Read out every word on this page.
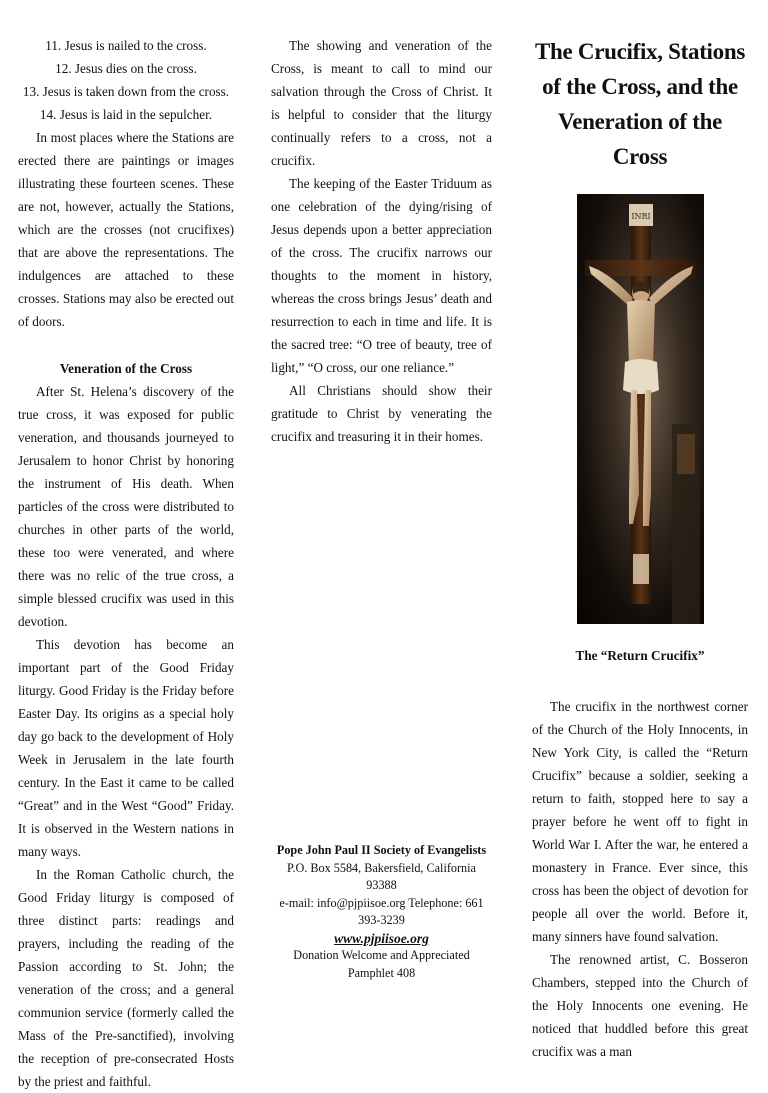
11. Jesus is nailed to the cross.
12. Jesus dies on the cross.
13. Jesus is taken down from the cross.
14. Jesus is laid in the sepulcher.

In most places where the Stations are erected there are paintings or images illustrating these fourteen scenes. These are not, however, actually the Stations, which are the crosses (not crucifixes) that are above the representations. The indulgences are attached to these crosses. Stations may also be erected out of doors.

Veneration of the Cross

After St. Helena’s discovery of the true cross, it was exposed for public veneration, and thousands journeyed to Jerusalem to honor Christ by honoring the instrument of His death. When particles of the cross were distributed to churches in other parts of the world, these too were venerated, and where there was no relic of the true cross, a simple blessed crucifix was used in this devotion.

This devotion has become an important part of the Good Friday liturgy. Good Friday is the Friday before Easter Day. Its origins as a special holy day go back to the development of Holy Week in Jerusalem in the late fourth century. In the East it came to be called “Great” and in the West “Good” Friday. It is observed in the Western nations in many ways.

In the Roman Catholic church, the Good Friday liturgy is composed of three distinct parts: readings and prayers, including the reading of the Passion according to St. John; the veneration of the cross; and a general communion service (formerly called the Mass of the Pre-sanctified), involving the reception of pre-consecrated Hosts by the priest and faithful.

The showing and veneration of the Cross, is meant to call to mind our salvation through the Cross of Christ. It is helpful to consider that the liturgy continually refers to a cross, not a crucifix.

The keeping of the Easter Triduum as one celebration of the dying/rising of Jesus depends upon a better appreciation of the cross. The crucifix narrows our thoughts to the moment in history, whereas the cross brings Jesus’ death and resurrection to each in time and life. It is the sacred tree: “O tree of beauty, tree of light,” “O cross, our one reliance.”

All Christians should show their gratitude to Christ by venerating the crucifix and treasuring it in their homes.

Pope John Paul II Society of Evangelists
P.O. Box 5584, Bakersfield, California 93388
e-mail: info@pjpiisoe.org Telephone: 661 393-3239
www.pjpiisoe.org
Donation Welcome and Appreciated
Pamphlet 408
The Crucifix, Stations of the Cross, and the Veneration of the Cross
INRI
The “Return Crucifix”

The crucifix in the northwest corner of the Church of the Holy Innocents, in New York City, is called the “Return Crucifix” because a soldier, seeking a return to faith, stopped here to say a prayer before he went off to fight in World War I. After the war, he entered a monastery in France. Ever since, this cross has been the object of devotion for people all over the world. Before it, many sinners have found salvation.

The renowned artist, C. Bosseron Chambers, stepped into the Church of the Holy Innocents one evening. He noticed that huddled before this great crucifix was a man
